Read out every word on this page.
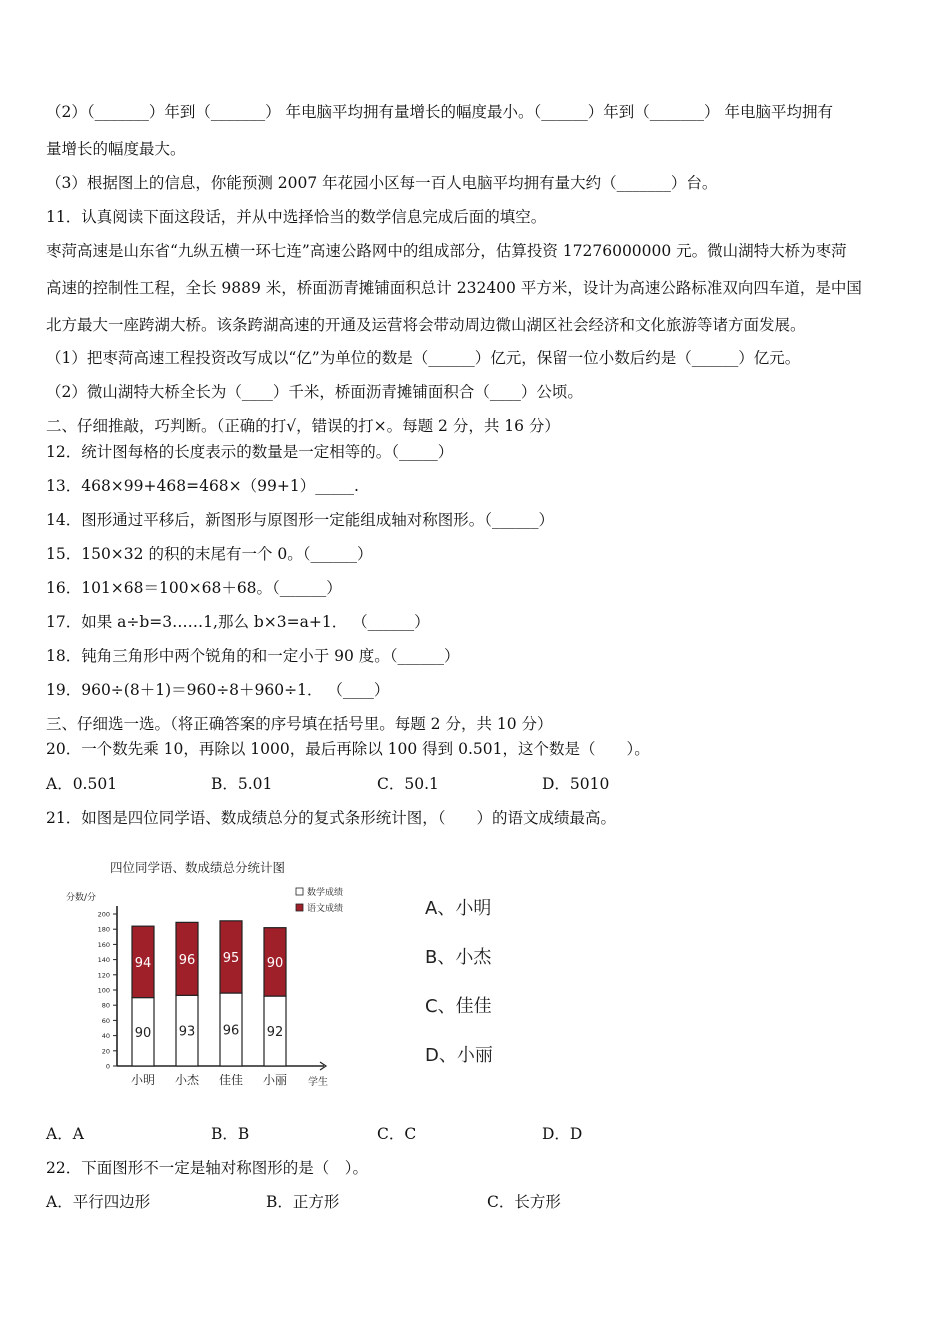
（2）（_______）年到（_______） 年电脑平均拥有量增长的幅度最小。（______）年到（_______） 年电脑平均拥有
量增长的幅度最大。
（3）根据图上的信息，你能预测 2007 年花园小区每一百人电脑平均拥有量大约（_______）台。
11．认真阅读下面这段话，并从中选择恰当的数学信息完成后面的填空。
枣菏高速是山东省“九纵五横一环七连”高速公路网中的组成部分，估算投资 17276000000 元。微山湖特大桥为枣菏
高速的控制性工程，全长 9889 米，桥面沥青摊铺面积总计 232400 平方米，设计为高速公路标准双向四车道，是中国
北方最大一座跨湖大桥。该条跨湖高速的开通及运营将会带动周边微山湖区社会经济和文化旅游等诸方面发展。
（1）把枣菏高速工程投资改写成以“亿”为单位的数是（______）亿元，保留一位小数后约是（______）亿元。
（2）微山湖特大桥全长为（____）千米，桥面沥青摊铺面积合（____）公顷。
二、仔细推敲，巧判断。（正确的打√，错误的打×。每题 2 分，共 16 分）
12．统计图每格的长度表示的数量是一定相等的。（_____）
13．468×99+468=468×（99+1）_____.
14．图形通过平移后，新图形与原图形一定能组成轴对称图形。（______）
15．150×32 的积的末尾有一个 0。（______）
16．101×68＝100×68＋68。（______）
17．如果 a÷b=3……1,那么 b×3=a+1． （______）
18．钝角三角形中两个锐角的和一定小于 90 度。（______）
19．960÷(8＋1)＝960÷8＋960÷1． （____）
三、仔细选一选。（将正确答案的序号填在括号里。每题 2 分，共 10 分）
20．一个数先乘 10，再除以 1000，最后再除以 100 得到 0.501，这个数是（　　）。
A．0.501	B．5.01	C．50.1	D．5010
21．如图是四位同学语、数成绩总分的复式条形统计图，（　　）的语文成绩最高。
四位同学语、数成绩总分统计图
分数/分
学生
0
20
40
60
80
100
120
140
160
180
200
数学成绩
语文成绩
90
94
小明
93
96
小杰
96
95
佳佳
92
90
小丽
A、小明
B、小杰
C、佳佳
D、小丽
A．A	B．B	C．C	D．D
22．下面图形不一定是轴对称图形的是（　）。
A．平行四边形	B．正方形	C．长方形
